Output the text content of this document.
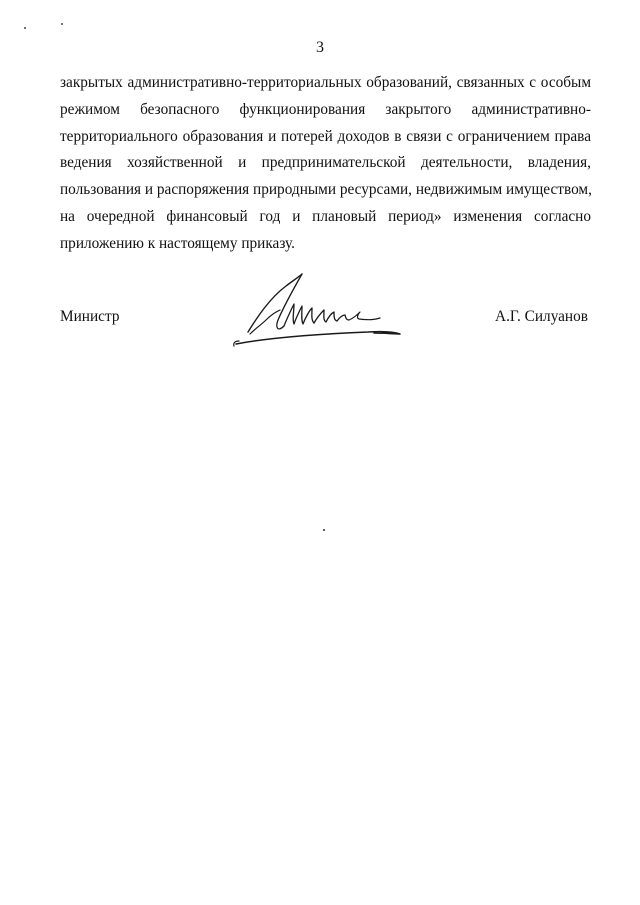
3
закрытых административно-территориальных образований, связанных с особым
режимом безопасного функционирования закрытого административно-
территориального образования и потерей доходов в связи с ограничением права
ведения хозяйственной и предпринимательской деятельности, владения,
пользования и распоряжения природными ресурсами, недвижимым имуществом,
на очередной финансовый год и плановый период» изменения согласно
приложению к настоящему приказу.
Министр	А.Г. Силуанов
